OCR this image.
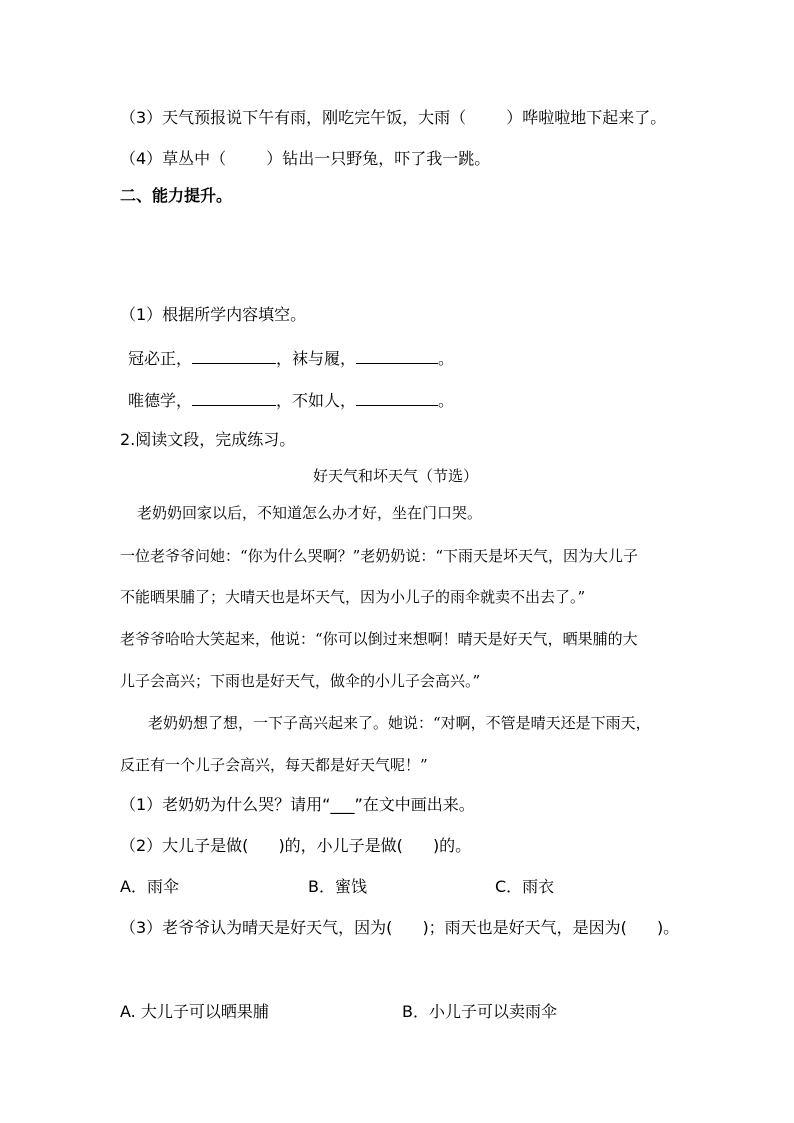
（3）天气预报说下午有雨，刚吃完午饭，大雨（	）哗啦啦地下起来了。
（4）草丛中（	）钻出一只野兔，吓了我一跳。
二、能力提升。
（1）根据所学内容填空。
冠必正，	，袜与履，	。
唯德学，	，不如人，	。
2.阅读文段，完成练习。
好天气和坏天气（节选）
老奶奶回家以后，不知道怎么办才好，坐在门口哭。
一位老爷爷问她：“你为什么哭啊？”老奶奶说：“下雨天是坏天气，因为大儿子
不能晒果脯了；大晴天也是坏天气，因为小儿子的雨伞就卖不出去了。”
老爷爷哈哈大笑起来，他说：“你可以倒过来想啊！晴天是好天气，晒果脯的大
儿子会高兴；下雨也是好天气，做伞的小儿子会高兴。”
老奶奶想了想，一下子高兴起来了。她说：“对啊，不管是晴天还是下雨天，
反正有一个儿子会高兴，每天都是好天气呢！”
（1）老奶奶为什么哭？请用“___”在文中画出来。
（2）大儿子是做( )的，小儿子是做( )的。
A．雨伞	B．蜜饯	C．雨衣
（3）老爷爷认为晴天是好天气，因为( )；雨天也是好天气，是因为( )。
A. 大儿子可以晒果脯	B．小儿子可以卖雨伞
